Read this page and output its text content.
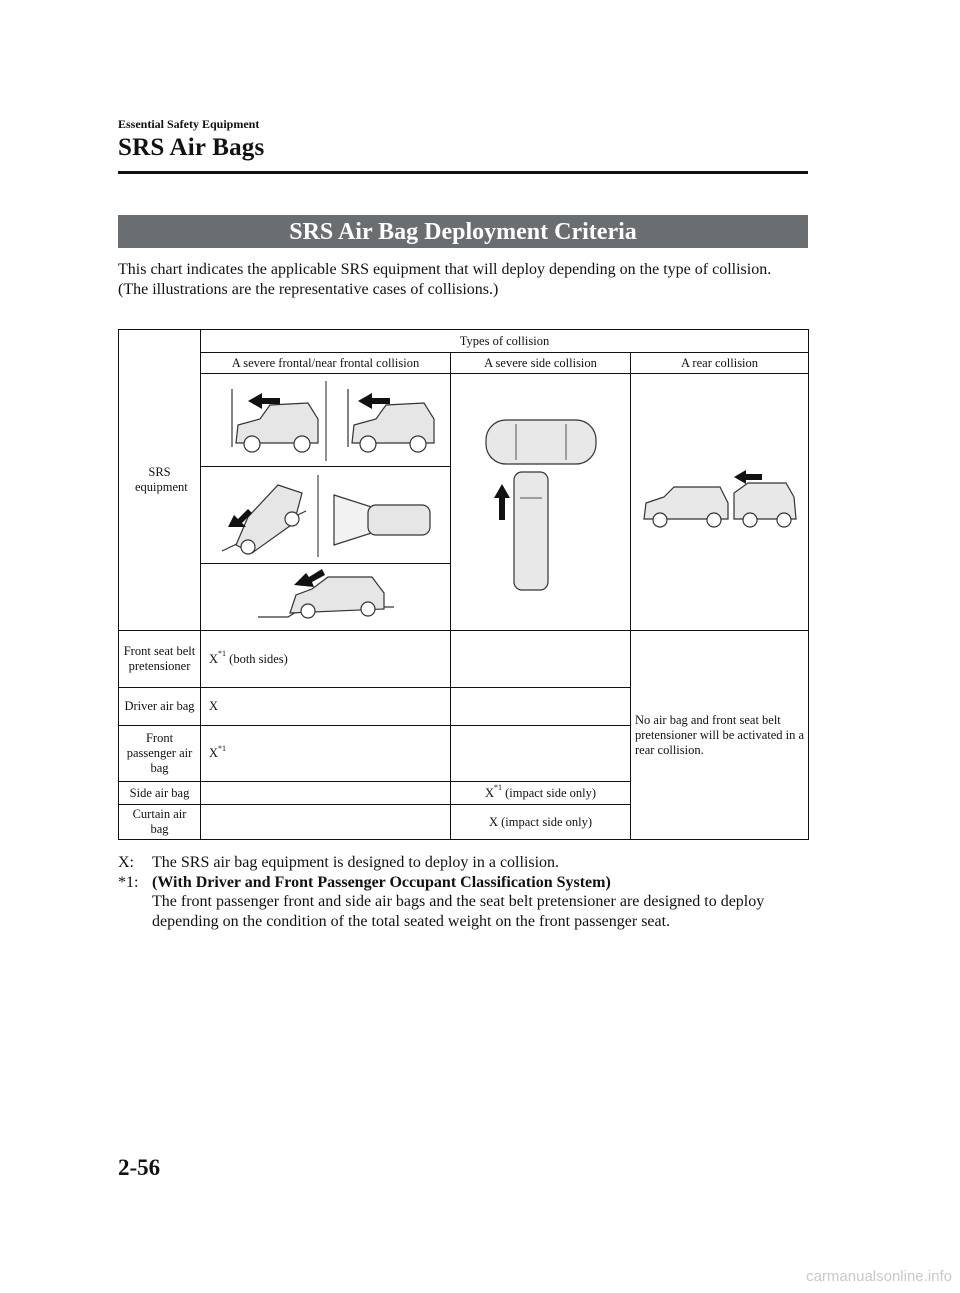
Essential Safety Equipment
SRS Air Bags
SRS Air Bag Deployment Criteria

This chart indicates the applicable SRS equipment that will deploy depending on the type of collision.

(The illustrations are the representative cases of collisions.)

SRS equipment	Types of collision		
	A severe frontal/near frontal collision	A severe side collision	A rear collision

Front seat belt pretensioner	$X^{*1}$ (both sides)		No air bag and front seat belt pretensioner will be activated in a rear collision.
Driver air bag	X		
Front passenger air bag	$X^{*1}$	
Side air bag		$X^{*1}$ (impact side only)	
Curtain air bag		X (impact side only)	
X:	The SRS air bag equipment is designed to deploy in a collision.
*1: (With Driver and Front Passenger Occupant Classification System)
The front passenger front and side air bags and the seat belt pretensioner are designed to deploy depending on the condition of the total seated weight on the front passenger seat.
2-56
carmanualsonline.info
